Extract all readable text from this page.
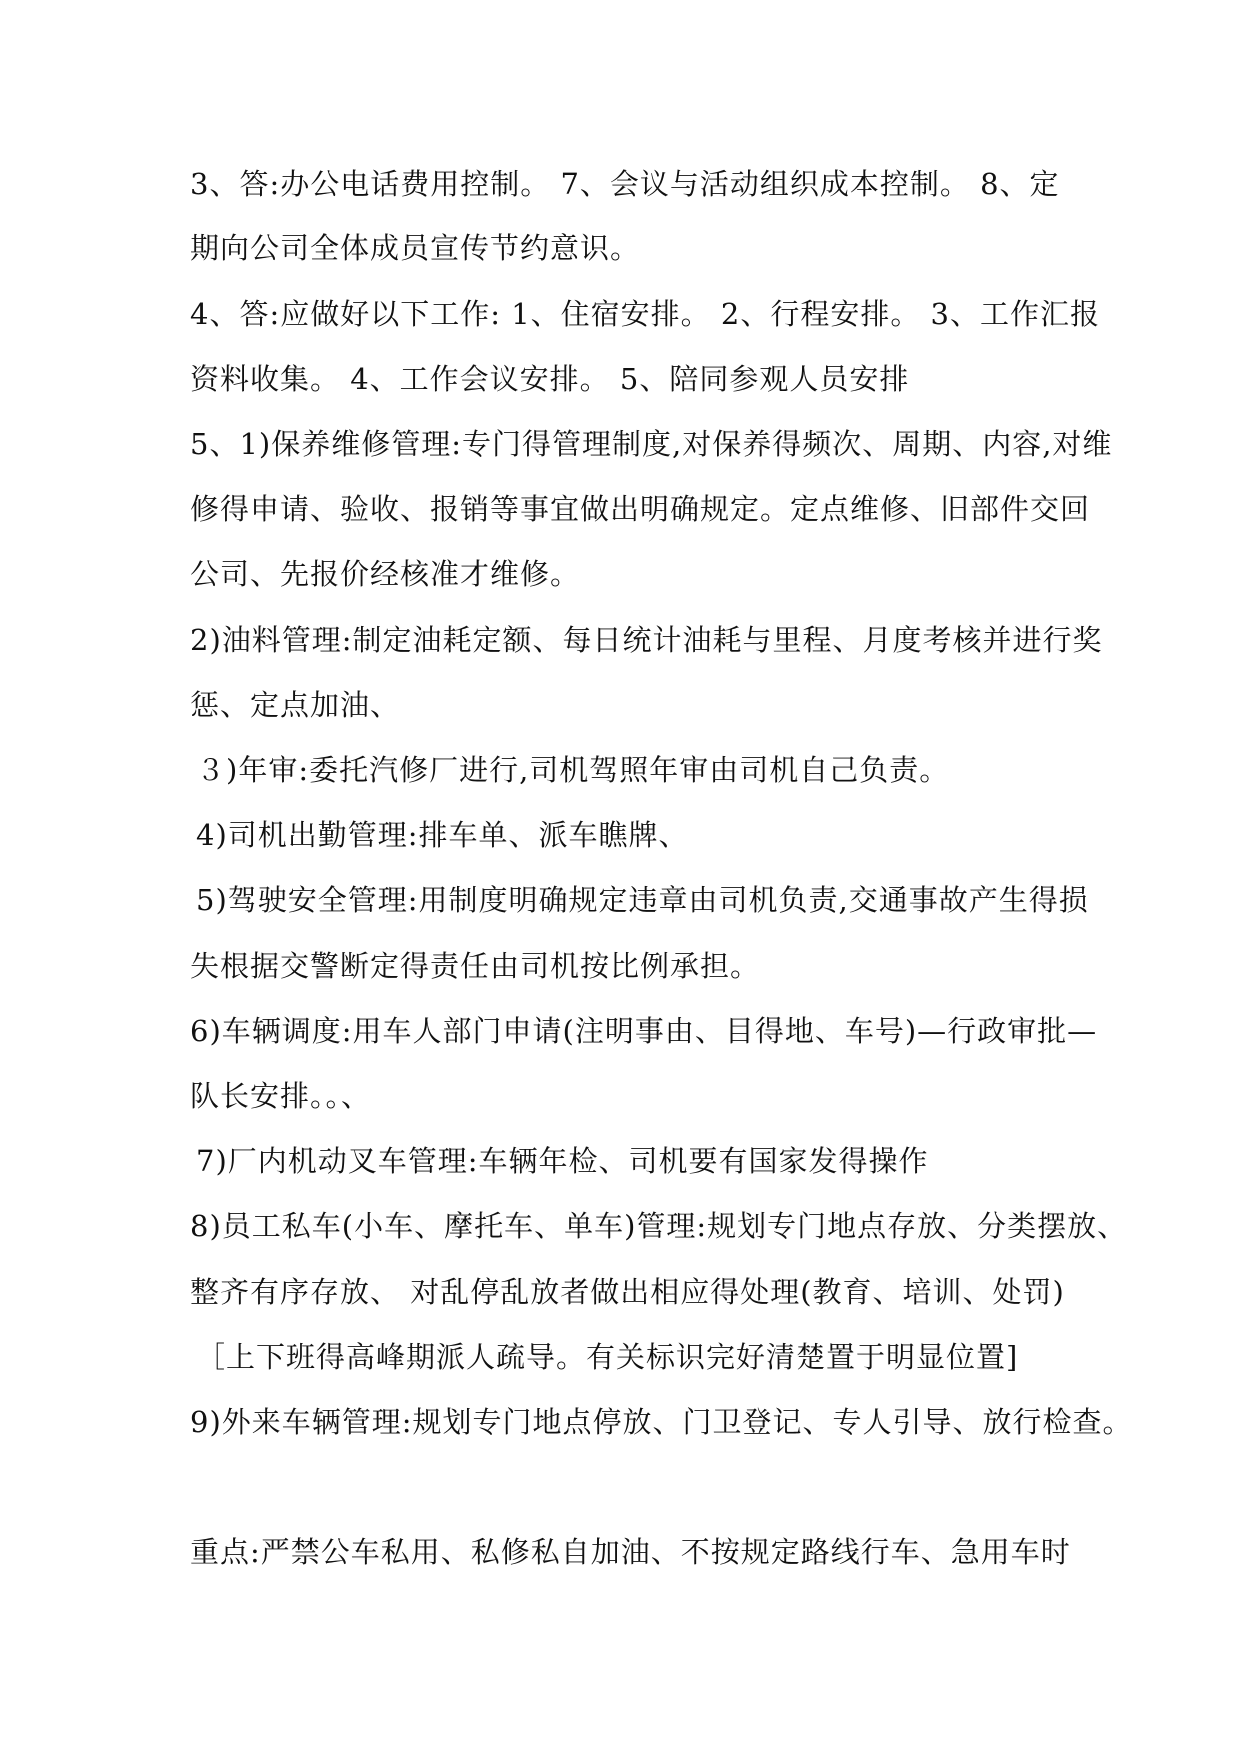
3、答:办公电话费用控制。 7、会议与活动组织成本控制。 8、定
期向公司全体成员宣传节约意识。
4、答:应做好以下工作: 1、住宿安排。 2、行程安排。 3、工作汇报
资料收集。 4、工作会议安排。 5、陪同参观人员安排
5、1)保养维修管理:专门得管理制度,对保养得频次、周期、内容,对维
修得申请、验收、报销等事宜做出明确规定。定点维修、旧部件交回
公司、先报价经核准才维修。
2)油料管理:制定油耗定额、每日统计油耗与里程、月度考核并进行奖
惩、定点加油、
３)年审:委托汽修厂进行,司机驾照年审由司机自己负责。
4)司机出勤管理:排车单、派车瞧牌、
5)驾驶安全管理:用制度明确规定违章由司机负责,交通事故产生得损
失根据交警断定得责任由司机按比例承担。
6)车辆调度:用车人部门申请(注明事由、目得地、车号)—行政审批—
队长安排。。、
7)厂内机动叉车管理:车辆年检、司机要有国家发得操作
8)员工私车(小车、摩托车、单车)管理:规划专门地点存放、分类摆放、
整齐有序存放、 对乱停乱放者做出相应得处理(教育、培训、处罚)
［上下班得高峰期派人疏导。有关标识完好清楚置于明显位置]
9)外来车辆管理:规划专门地点停放、门卫登记、专人引导、放行检查。
重点:严禁公车私用、私修私自加油、不按规定路线行车、急用车时
